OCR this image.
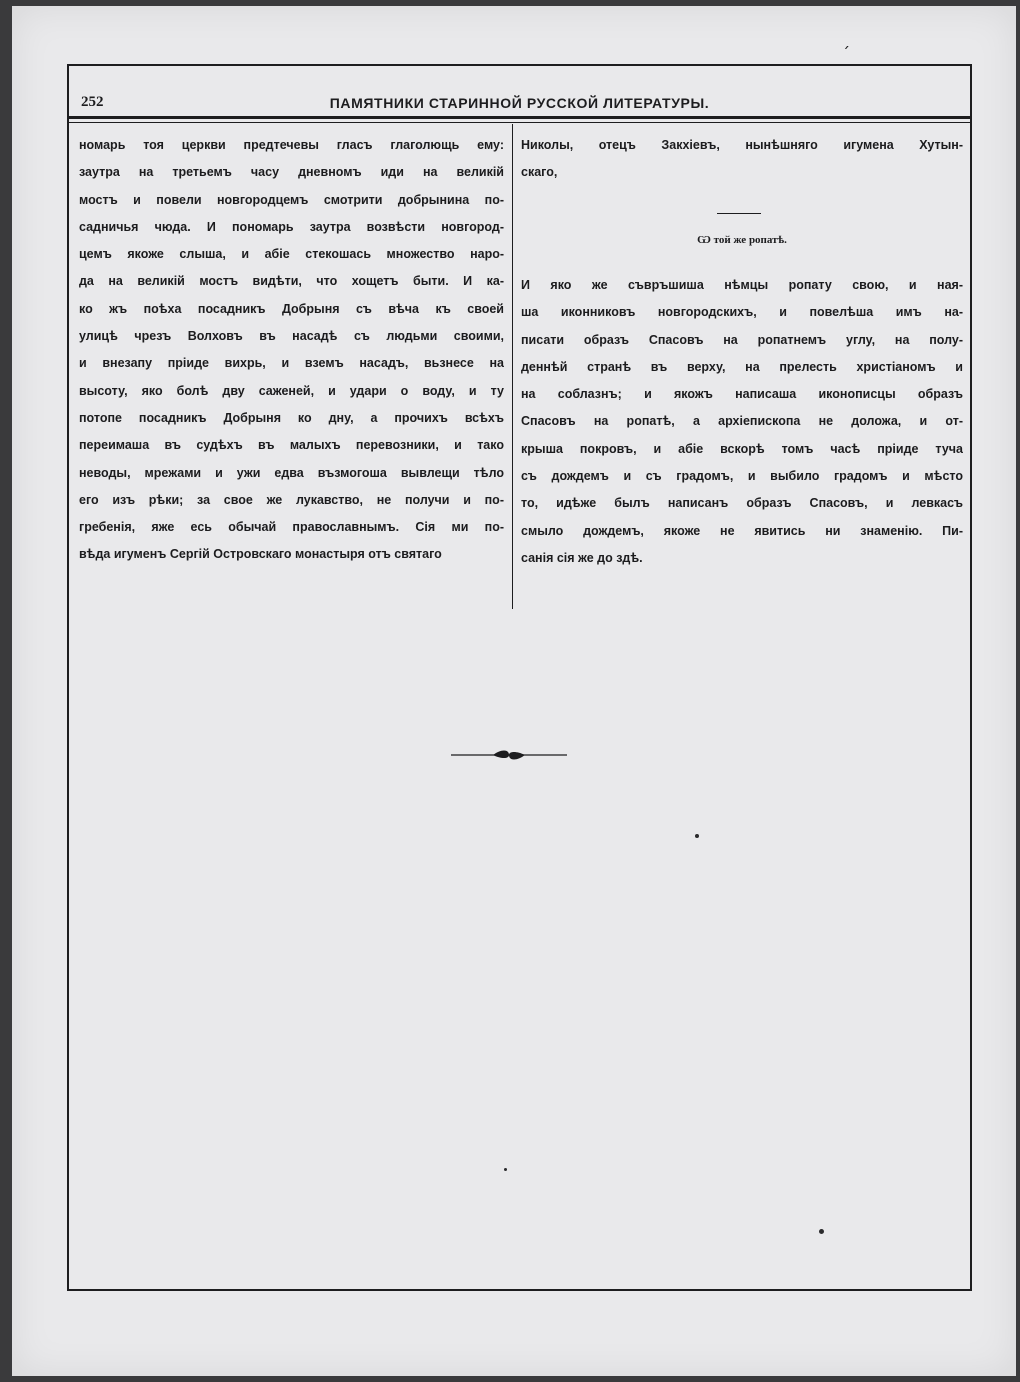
ˏ
252	ПАМЯТНИКИ СТАРИННОЙ РУССКОЙ ЛИТЕРАТУРЫ.
номарь тоя церкви предтечевы гласъ глаголющь ему:
заутра на третьемъ часу дневномъ иди на великій
мостъ и повели новгородцемъ смотрити добрынина по-
садничья чюда. И пономарь заутра возвѣсти новгород-
цемъ якоже слыша, и абіе стекошась множество наро-
да на великій мостъ видѣти, что хощетъ быти. И ка-
ко жъ поѣха посадникъ Добрыня съ вѣча къ своей
улицѣ чрезъ Волховъ въ насадѣ съ людьми своими,
и внезапу пріиде вихрь, и вземъ насадъ, вьзнесе на
высоту, яко болѣ дву саженей, и удари о воду, и ту
потопе посадникъ Добрыня ко дну, а прочихъ всѣхъ
переимаша въ судѣхъ въ малыхъ перевозники, и тако
неводы, мрежами и ужи едва възмогоша вывлещи тѣло
его изъ рѣки; за свое же лукавство, не получи и по-
гребенія, яже есь обычай православнымъ. Сія ми по-
вѣда игуменъ Сергій Островскаго монастыря отъ святаго
Николы, отецъ Закхіевъ, нынѣшняго игумена Хутын-
скаго,
Ѡ той же ропатѣ.
И яко же съвръшиша нѣмцы ропату свою, и ная-
ша иконниковъ новгородскихъ, и повелѣша имъ на-
писати образъ Спасовъ на ропатнемъ углу, на полу-
деннѣй странѣ въ верху, на прелесть христіаномъ и
на соблазнъ; и якожъ написаша иконописцы образъ
Спасовъ на ропатѣ, а архіепископа не доложа, и от-
крыша покровъ, и абіе вскорѣ томъ часѣ пріиде туча
съ дождемъ и съ градомъ, и выбило градомъ и мѣсто
то, идѣже былъ написанъ образъ Спасовъ, и левкасъ
смыло дождемъ, якоже не явитись ни знаменію. Пи-
санія сія же до здѣ.
